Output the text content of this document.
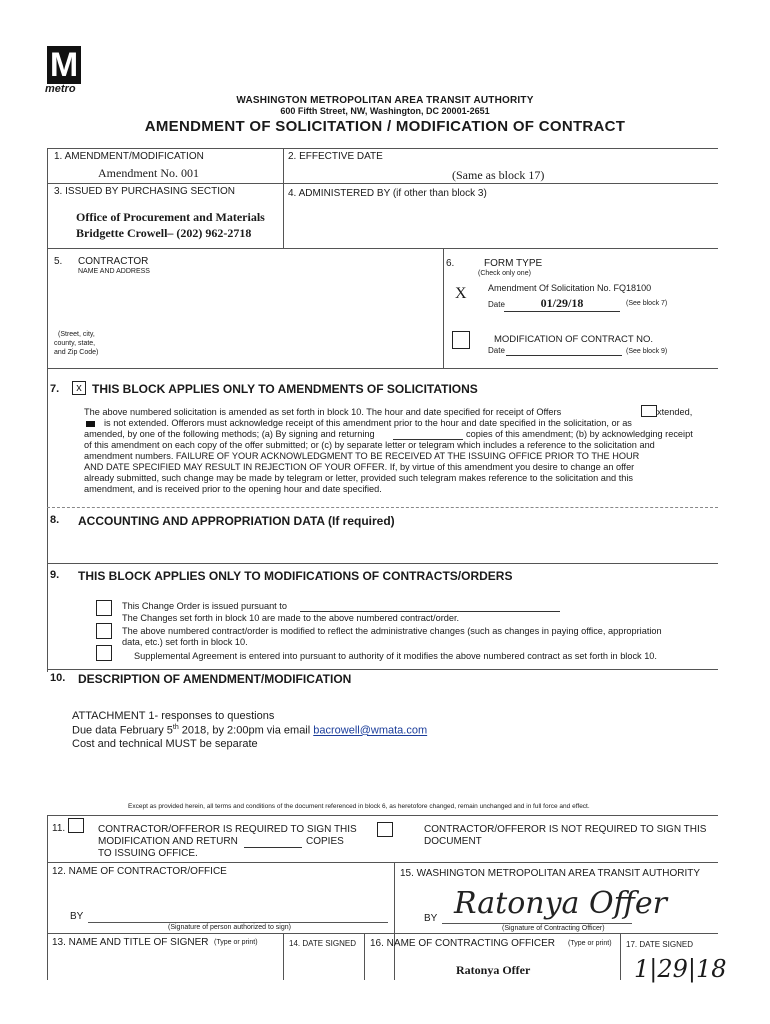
M
metro
WASHINGTON METROPOLITAN AREA TRANSIT AUTHORITY
600 Fifth Street, NW, Washington, DC 20001-2651
AMENDMENT OF SOLICITATION / MODIFICATION OF CONTRACT
1. AMENDMENT/MODIFICATION
Amendment No. 001
2. EFFECTIVE DATE
(Same as block 17)
3. ISSUED BY PURCHASING SECTION
Office of Procurement and Materials
Bridgette Crowell– (202) 962-2718
4. ADMINISTERED BY (if other than block 3)
5. CONTRACTOR
NAME AND ADDRESS
(Street, city,
county, state,
and Zip Code)
6.	FORM TYPE
(Check only one)
X Amendment Of Solicitation No. FQ18100
Date	01/29/18	(See block 7)
MODIFICATION OF CONTRACT NO.
Date	(See block 9)
7.	x THIS BLOCK APPLIES ONLY TO AMENDMENTS OF SOLICITATIONS
The above numbered solicitation is amended as set forth in block 10. The hour and date specified for receipt of Offers	xtended,
is not extended. Offerors must acknowledge receipt of this amendment prior to the hour and date specified in the solicitation, or as
amended, by one of the following methods; (a) By signing and returning	copies of this amendment; (b) by acknowledging receipt
of this amendment on each copy of the offer submitted; or (c) by separate letter or telegram which includes a reference to the solicitation and
amendment numbers. FAILURE OF YOUR ACKNOWLEDGMENT TO BE RECEIVED AT THE ISSUING OFFICE PRIOR TO THE HOUR
AND DATE SPECIFIED MAY RESULT IN REJECTION OF YOUR OFFER. If, by virtue of this amendment you desire to change an offer
already submitted, such change may be made by telegram or letter, provided such telegram makes reference to the solicitation and this
amendment, and is received prior to the opening hour and date specified.
8. ACCOUNTING AND APPROPRIATION DATA (If required)
9. THIS BLOCK APPLIES ONLY TO MODIFICATIONS OF CONTRACTS/ORDERS
This Change Order is issued pursuant to
The Changes set forth in block 10 are made to the above numbered contract/order.
The above numbered contract/order is modified to reflect the administrative changes (such as changes in paying office, appropriation
data, etc.) set forth in block 10.
Supplemental Agreement is entered into pursuant to authority of it modifies the above numbered contract as set forth in block 10.
10. DESCRIPTION OF AMENDMENT/MODIFICATION
ATTACHMENT 1- responses to questions
Due data February 5th 2018, by 2:00pm via email bacrowell@wmata.com
Cost and technical MUST be separate
Except as provided herein, all terms and conditions of the document referenced in block 6, as heretofore changed, remain unchanged and in full force and effect.
11.	CONTRACTOR/OFFEROR IS REQUIRED TO SIGN THIS
MODIFICATION AND RETURN	COPIES
TO ISSUING OFFICE.
CONTRACTOR/OFFEROR IS NOT REQUIRED TO SIGN THIS
DOCUMENT
12. NAME OF CONTRACTOR/OFFICE
BY
(Signature of person authorized to sign)
15. WASHINGTON METROPOLITAN AREA TRANSIT AUTHORITY
BY Ratonya Offer
(Signature of Contracting Officer)
13. NAME AND TITLE OF SIGNER (Type or print)	14. DATE SIGNED 16. NAME OF CONTRACTING OFFICER (Type or print)
Ratonya Offer
17. DATE SIGNED
1|29|18
